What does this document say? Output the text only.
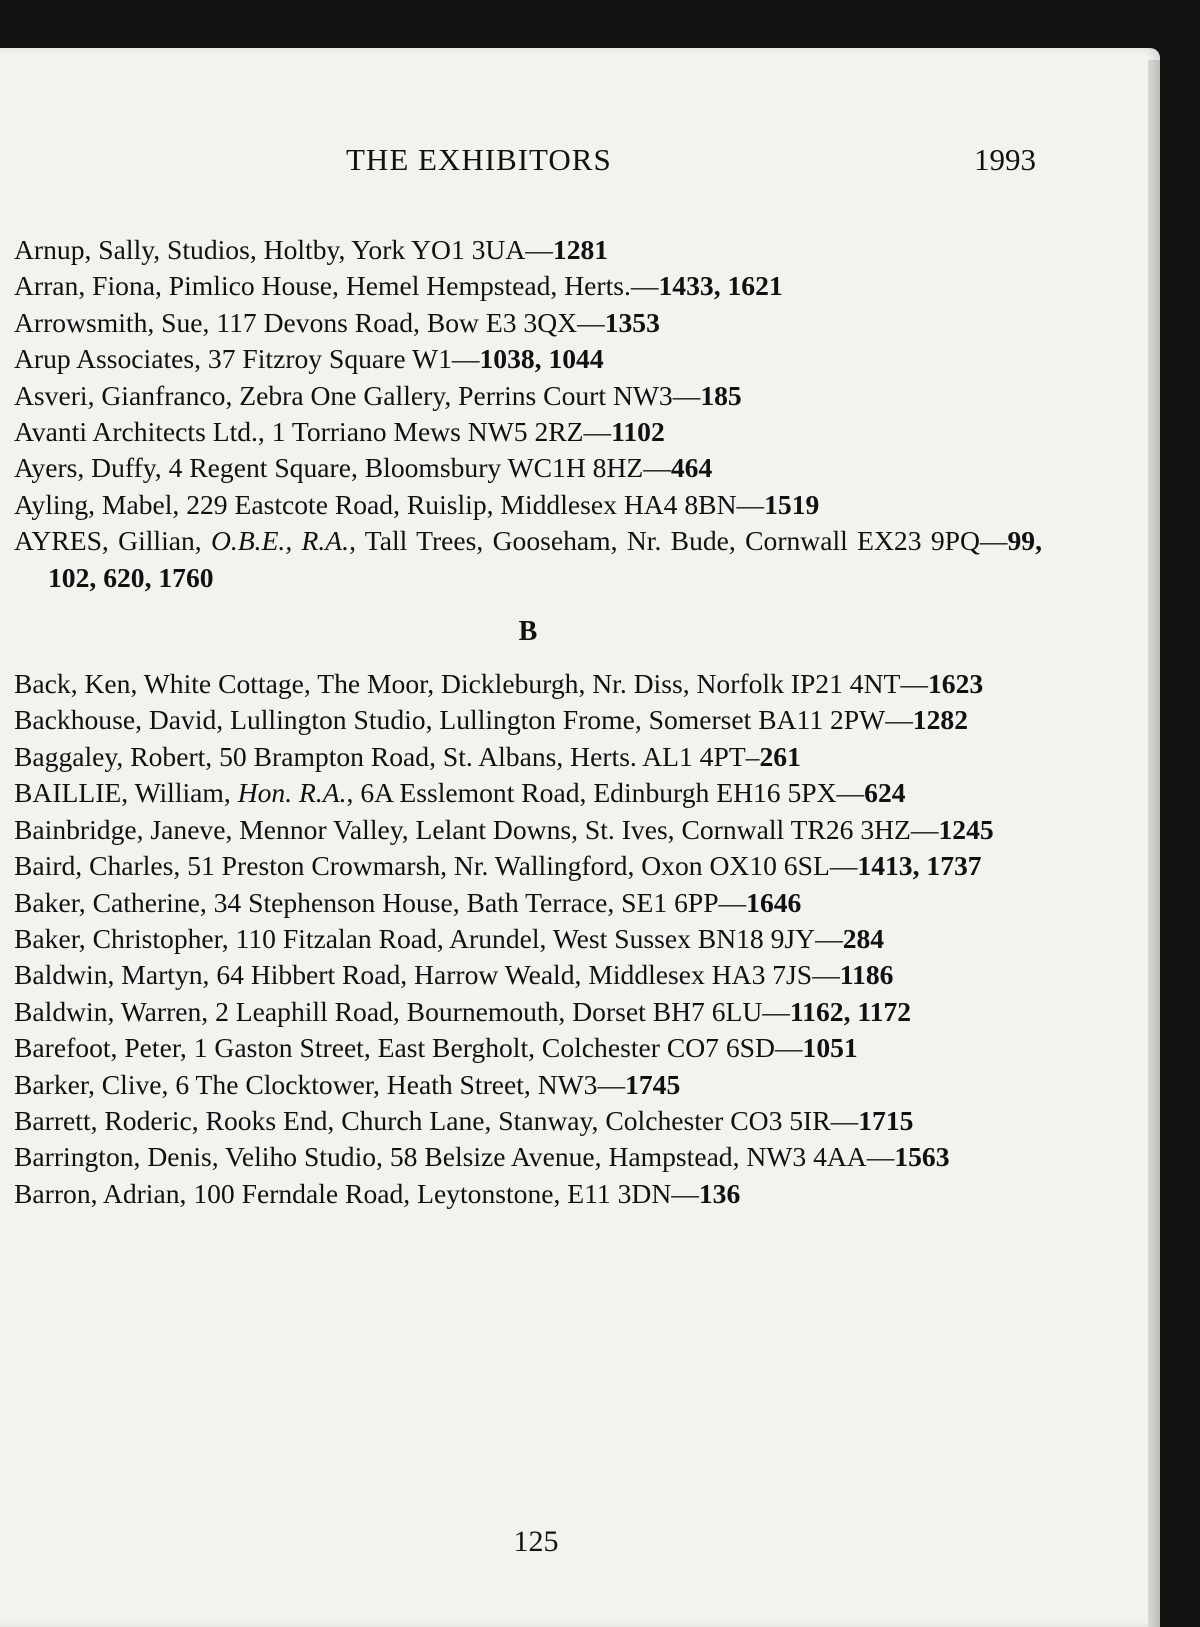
THE EXHIBITORS	1993
Arnup, Sally, Studios, Holtby, York YO1 3UA—1281
Arran, Fiona, Pimlico House, Hemel Hempstead, Herts.—1433, 1621
Arrowsmith, Sue, 117 Devons Road, Bow E3 3QX—1353
Arup Associates, 37 Fitzroy Square W1—1038, 1044
Asveri, Gianfranco, Zebra One Gallery, Perrins Court NW3—185
Avanti Architects Ltd., 1 Torriano Mews NW5 2RZ—1102
Ayers, Duffy, 4 Regent Square, Bloomsbury WC1H 8HZ—464
Ayling, Mabel, 229 Eastcote Road, Ruislip, Middlesex HA4 8BN—1519
AYRES, Gillian, O.B.E., R.A., Tall Trees, Gooseham, Nr. Bude, Cornwall EX23 9PQ—99, 102, 620, 1760
B
Back, Ken, White Cottage, The Moor, Dickleburgh, Nr. Diss, Norfolk IP21 4NT—1623
Backhouse, David, Lullington Studio, Lullington Frome, Somerset BA11 2PW—1282
Baggaley, Robert, 50 Brampton Road, St. Albans, Herts. AL1 4PT–261
BAILLIE, William, Hon. R.A., 6A Esslemont Road, Edinburgh EH16 5PX—624
Bainbridge, Janeve, Mennor Valley, Lelant Downs, St. Ives, Cornwall TR26 3HZ—1245
Baird, Charles, 51 Preston Crowmarsh, Nr. Wallingford, Oxon OX10 6SL—1413, 1737
Baker, Catherine, 34 Stephenson House, Bath Terrace, SE1 6PP—1646
Baker, Christopher, 110 Fitzalan Road, Arundel, West Sussex BN18 9JY—284
Baldwin, Martyn, 64 Hibbert Road, Harrow Weald, Middlesex HA3 7JS—1186
Baldwin, Warren, 2 Leaphill Road, Bournemouth, Dorset BH7 6LU—1162, 1172
Barefoot, Peter, 1 Gaston Street, East Bergholt, Colchester CO7 6SD—1051
Barker, Clive, 6 The Clocktower, Heath Street, NW3—1745
Barrett, Roderic, Rooks End, Church Lane, Stanway, Colchester CO3 5IR—1715
Barrington, Denis, Veliho Studio, 58 Belsize Avenue, Hampstead, NW3 4AA—1563
Barron, Adrian, 100 Ferndale Road, Leytonstone, E11 3DN—136
125
